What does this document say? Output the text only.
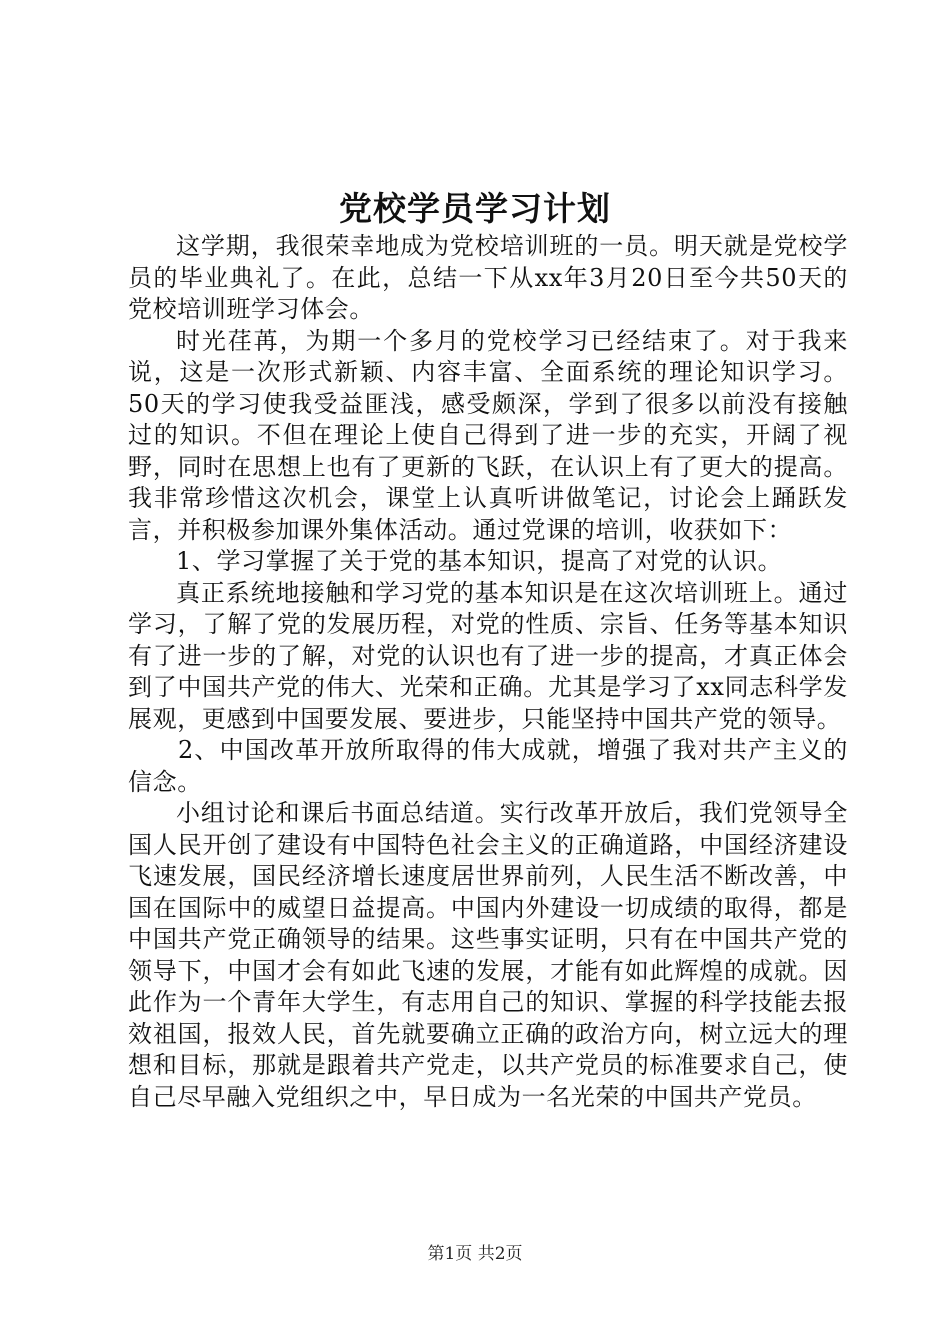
党校学员学习计划

这学期，我很荣幸地成为党校培训班的一员。明天就是党校学员的毕业典礼了。在此，总结一下从xx年3月20日至今共50天的党校培训班学习体会。

时光荏苒，为期一个多月的党校学习已经结束了。对于我来说，这是一次形式新颖、内容丰富、全面系统的理论知识学习。50天的学习使我受益匪浅，感受颇深，学到了很多以前没有接触过的知识。不但在理论上使自己得到了进一步的充实，开阔了视野，同时在思想上也有了更新的飞跃，在认识上有了更大的提高。我非常珍惜这次机会，课堂上认真听讲做笔记，讨论会上踊跃发言，并积极参加课外集体活动。通过党课的培训，收获如下：

1、学习掌握了关于党的基本知识，提高了对党的认识。

真正系统地接触和学习党的基本知识是在这次培训班上。通过学习，了解了党的发展历程，对党的性质、宗旨、任务等基本知识有了进一步的了解，对党的认识也有了进一步的提高，才真正体会到了中国共产党的伟大、光荣和正确。尤其是学习了xx同志科学发展观，更感到中国要发展、要进步，只能坚持中国共产党的领导。

2、中国改革开放所取得的伟大成就，增强了我对共产主义的信念。

小组讨论和课后书面总结道。实行改革开放后，我们党领导全国人民开创了建设有中国特色社会主义的正确道路，中国经济建设飞速发展，国民经济增长速度居世界前列，人民生活不断改善，中国在国际中的威望日益提高。中国内外建设一切成绩的取得，都是中国共产党正确领导的结果。这些事实证明，只有在中国共产党的领导下，中国才会有如此飞速的发展，才能有如此辉煌的成就。因此作为一个青年大学生，有志用自己的知识、掌握的科学技能去报效祖国，报效人民，首先就要确立正确的政治方向，树立远大的理想和目标，那就是跟着共产党走，以共产党员的标准要求自己，使自己尽早融入党组织之中，早日成为一名光荣的中国共产党员。

第1页 共2页
